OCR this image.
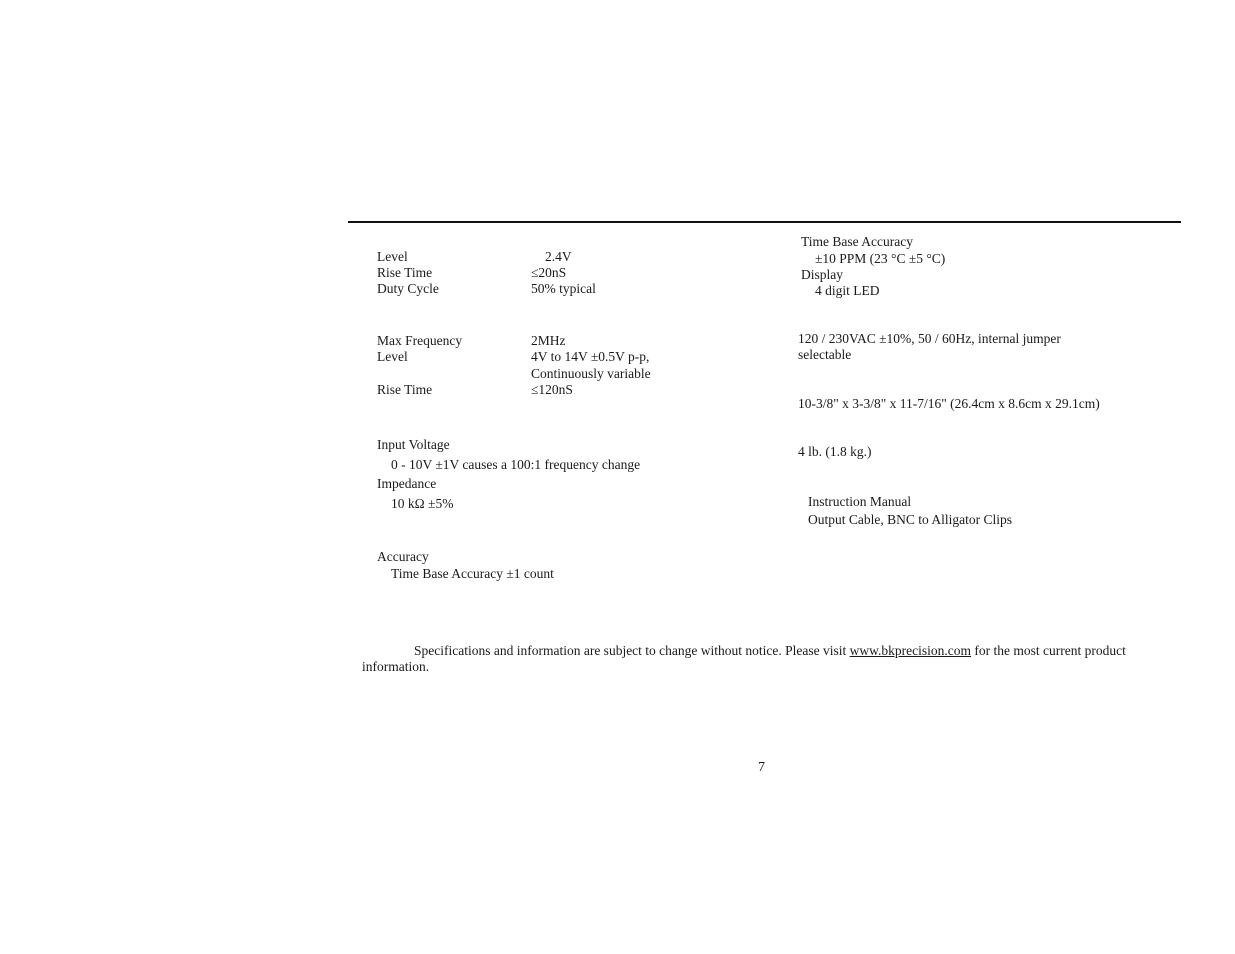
Level	2.4V
Rise Time	≤20nS
Duty Cycle	50% typical
Max Frequency	2MHz
Level	4V to 14V ±0.5V p-p,
Continuously variable
Rise Time	≤120nS
Input Voltage
0 - 10V ±1V causes a 100:1 frequency change
Impedance
10 kΩ ±5%
Accuracy
Time Base Accuracy ±1 count
Time Base Accuracy
±10 PPM (23 °C ±5 °C)
Display
4 digit LED
120 / 230VAC ±10%, 50 / 60Hz, internal jumper
selectable
10-3/8" x 3-3/8" x 11-7/16" (26.4cm x 8.6cm x 29.1cm)
4 lb. (1.8 kg.)
Instruction Manual
Output Cable, BNC to Alligator Clips
Specifications and information are subject to change without notice. Please visit www.bkprecision.com for the most current product
information.
7
